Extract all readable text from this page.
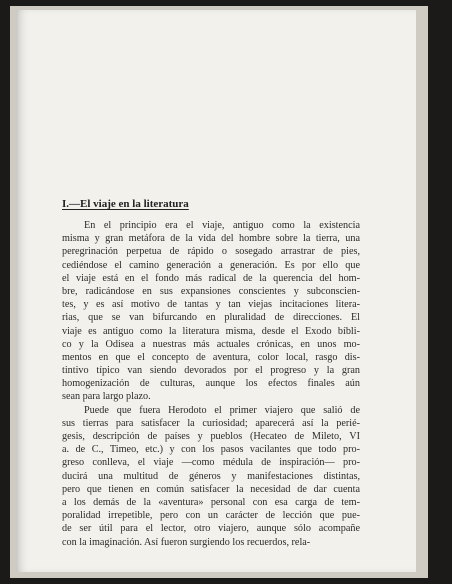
I.—El viaje en la literatura

En el principio era el viaje, antiguo como la existencia
misma y gran metáfora de la vida del hombre sobre la tierra, una
peregrinación perpetua de rápido o sosegado arrastrar de pies,
cediéndose el camino generación a generación. Es por ello que
el viaje está en el fondo más radical de la querencia del hom-
bre, radicándose en sus expansiones conscientes y subconscien-
tes, y es así motivo de tantas y tan viejas incitaciones litera-
rias, que se van bifurcando en pluralidad de direcciones. El
viaje es antiguo como la literatura misma, desde el Exodo bíbli-
co y la Odisea a nuestras más actuales crónicas, en unos mo-
mentos en que el concepto de aventura, color local, rasgo dis-
tintivo típico van siendo devorados por el progreso y la gran
homogenización de culturas, aunque los efectos finales aún
sean para largo plazo.

Puede que fuera Herodoto el primer viajero que salió de
sus tierras para satisfacer la curiosidad; aparecerá así la perié-
gesis, descripción de países y pueblos (Hecateo de Mileto, VI
a. de C., Timeo, etc.) y con los pasos vacilantes que todo pro-
greso conlleva, el viaje —como médula de inspiración— pro-
ducirá una multitud de géneros y manifestaciones distintas,
pero que tienen en común satisfacer la necesidad de dar cuenta
a los demás de la «aventura» personal con esa carga de tem-
poralidad irrepetible, pero con un carácter de lección que pue-
de ser útil para el lector, otro viajero, aunque sólo acompañe
con la imaginación. Así fueron surgiendo los recuerdos, rela-
